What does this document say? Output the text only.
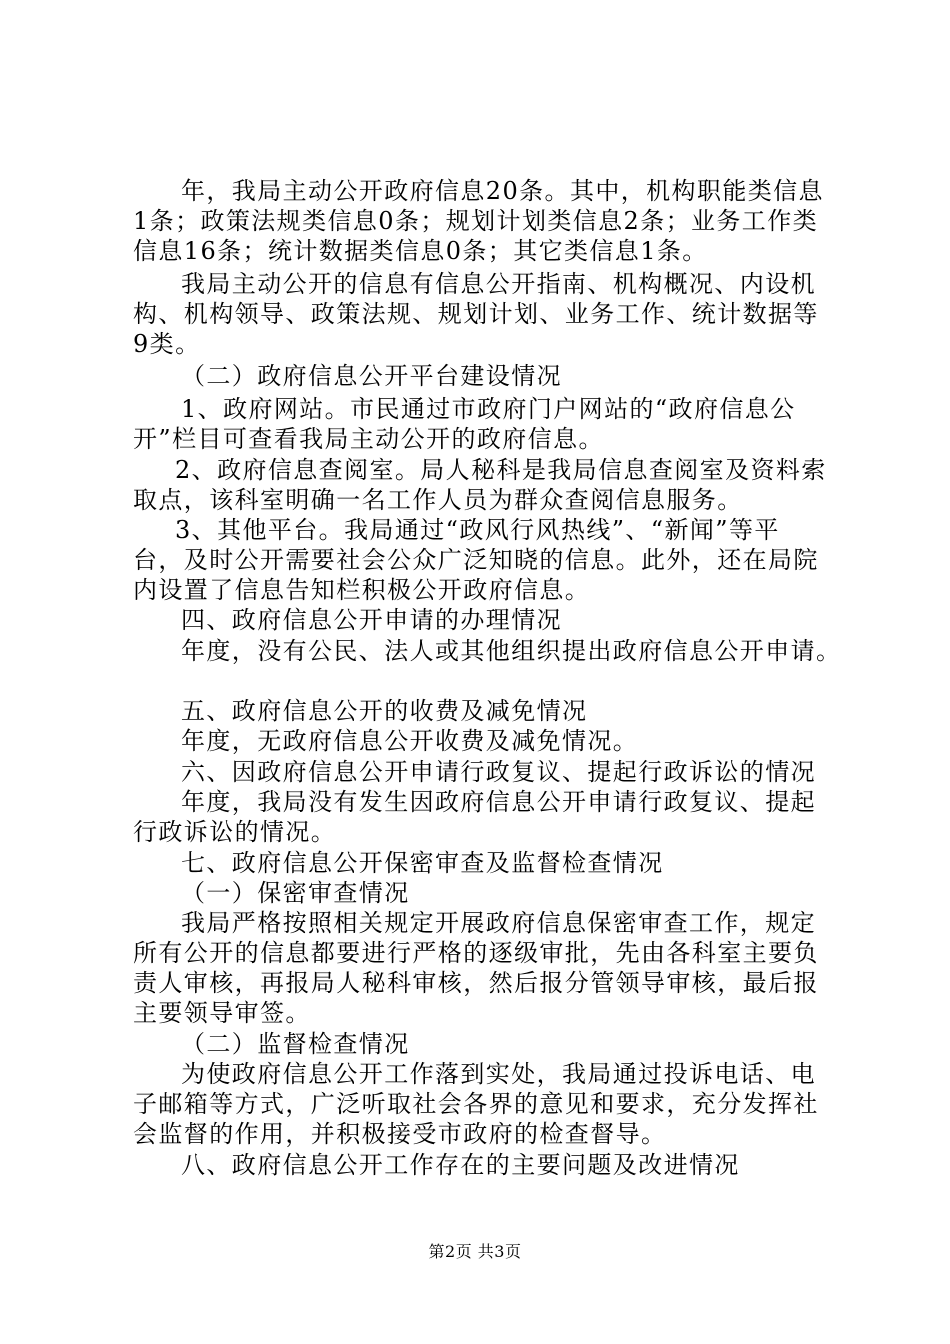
年，我局主动公开政府信息20条。其中，机构职能类信息
1条；政策法规类信息0条；规划计划类信息2条；业务工作类
信息16条；统计数据类信息0条；其它类信息1条。
我局主动公开的信息有信息公开指南、机构概况、内设机
构、机构领导、政策法规、规划计划、业务工作、统计数据等
9类。
（二）政府信息公开平台建设情况
1、政府网站。市民通过市政府门户网站的“政府信息公
开”栏目可查看我局主动公开的政府信息。
2、政府信息查阅室。局人秘科是我局信息查阅室及资料索
取点，该科室明确一名工作人员为群众查阅信息服务。
3、其他平台。我局通过“政风行风热线”、“新闻”等平
台，及时公开需要社会公众广泛知晓的信息。此外，还在局院
内设置了信息告知栏积极公开政府信息。
四、政府信息公开申请的办理情况
年度，没有公民、法人或其他组织提出政府信息公开申请。
五、政府信息公开的收费及减免情况
年度，无政府信息公开收费及减免情况。
六、因政府信息公开申请行政复议、提起行政诉讼的情况
年度，我局没有发生因政府信息公开申请行政复议、提起
行政诉讼的情况。
七、政府信息公开保密审查及监督检查情况
（一）保密审查情况
我局严格按照相关规定开展政府信息保密审查工作，规定
所有公开的信息都要进行严格的逐级审批，先由各科室主要负
责人审核，再报局人秘科审核，然后报分管领导审核，最后报
主要领导审签。
（二）监督检查情况
为使政府信息公开工作落到实处，我局通过投诉电话、电
子邮箱等方式，广泛听取社会各界的意见和要求，充分发挥社
会监督的作用，并积极接受市政府的检查督导。
八、政府信息公开工作存在的主要问题及改进情况
第2页 共3页
